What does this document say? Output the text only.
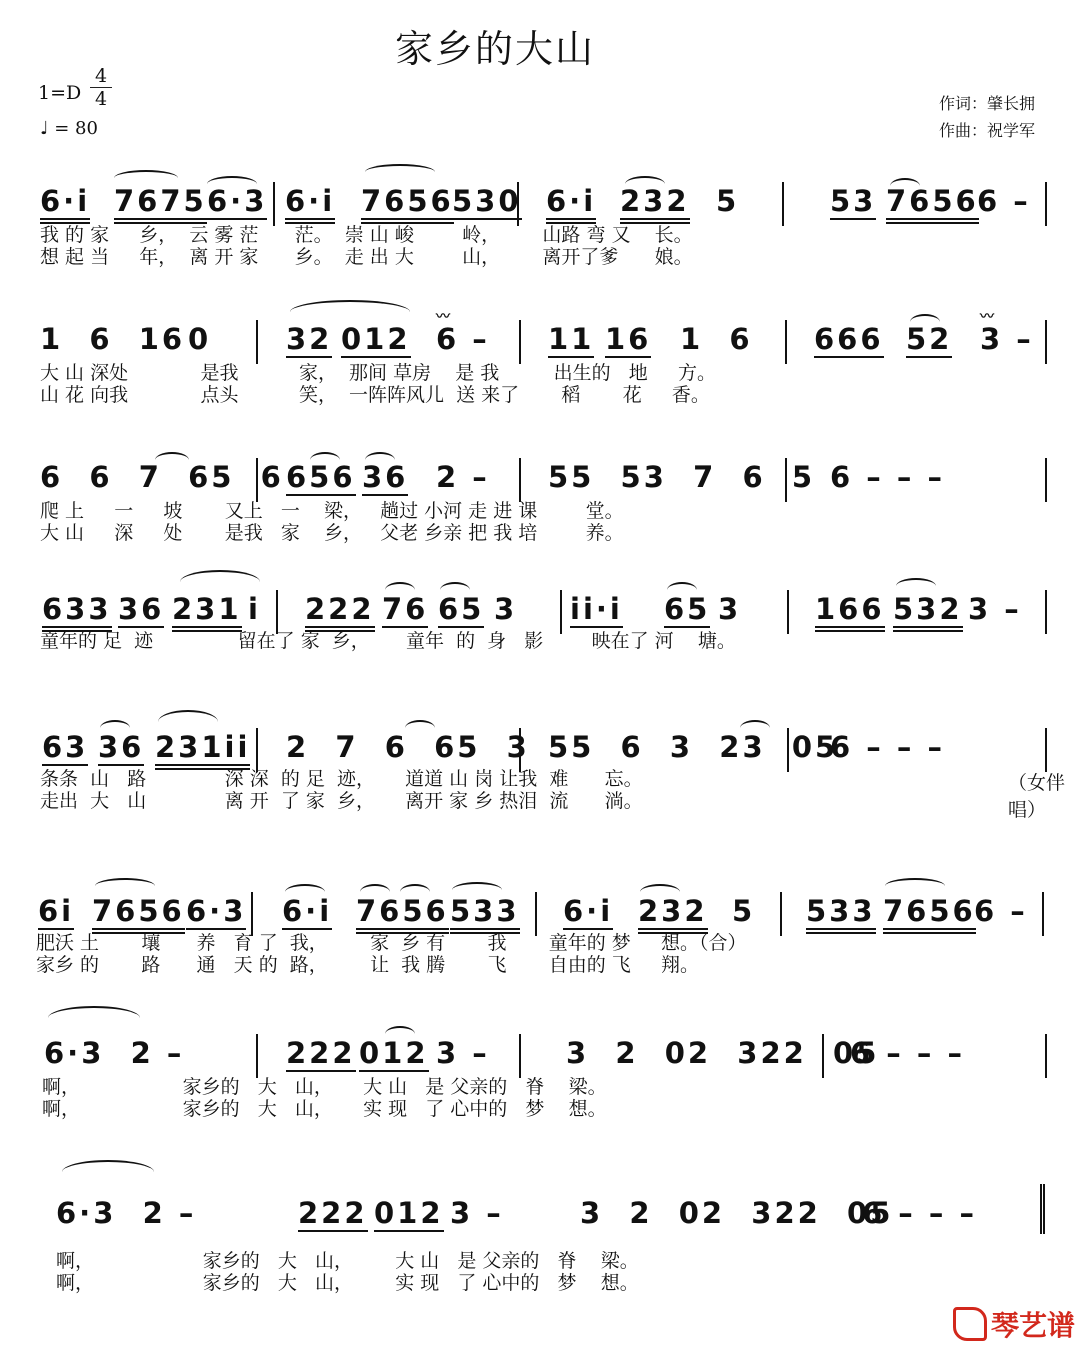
家乡的大山
1=D
4
4
♩ = 80
作词：肇长拥
作曲：祝学军
6·i 7675 6·3 6·i 7656
530 6·i 232 5	53 7656
6 –
我 的 家     乡，  云 雾 茫      茫。  崇 山 峻        岭，       山路 弯 又    长。
想 起 当     年，  离 开 家      乡。  走 出 大        山，       离开了爹      娘。
1  6  16 0	32 012 6 – 11 16 1  6 666 52 3 –
〰	〰
大 山 深处            是我          家，  那间 草房    是 我         出生的   地     方。
山 花 向我            点头          笑，  一阵阵风儿  送 来了       稻       花     香。
6  6  7  65  6 656 36 2 – 55  53  7  6  5 6 – – –
爬 上     一     坡       又上   一    梁，   趟过 小河 走 进 课        堂。
大 山     深     处       是我   家    乡，   父老 乡亲 把 我 培        养。
633 36 231 i 222 76 65 3 ii·i 65 3	166 532 3 –
童年的 足  迹              留在了 家  乡，      童年  的  身   影        映在了 河    塘。
63 36 231ii 2  7  6  65  3 55  6  3  23  05
6 – – –
条条  山   路             深 深  的 足  迹，     道道 山 岗 让我  难      忘。
走出  大   山             离 开  了 家  乡，     离开 家 乡 热泪  流      淌。
（女伴唱）
6i 7656 6·3 6·i 7656 533 6·i 232 5 533 7656
6 –
肥沃 土       壤      养   育 了  我，       家  乡 有       我       童年的 梦     想。（合）
家乡 的       路      通   天 的  路，       让  我 腾       飞       自由的 飞     翔。
6·3  2 –	222 012 3 –	3  2  02  322  05
6 – – –
啊，                 家乡的   大   山，     大 山   是 父亲的   脊    梁。
啊，                 家乡的   大   山，     实 现   了 心中的   梦    想。
6·3  2 –	222 012 3 –	3  2  02  322  05
6 – – –
啊，                  家乡的   大   山，       大 山   是 父亲的   脊    梁。
啊，                  家乡的   大   山，       实 现   了 心中的   梦    想。
琴艺谱
